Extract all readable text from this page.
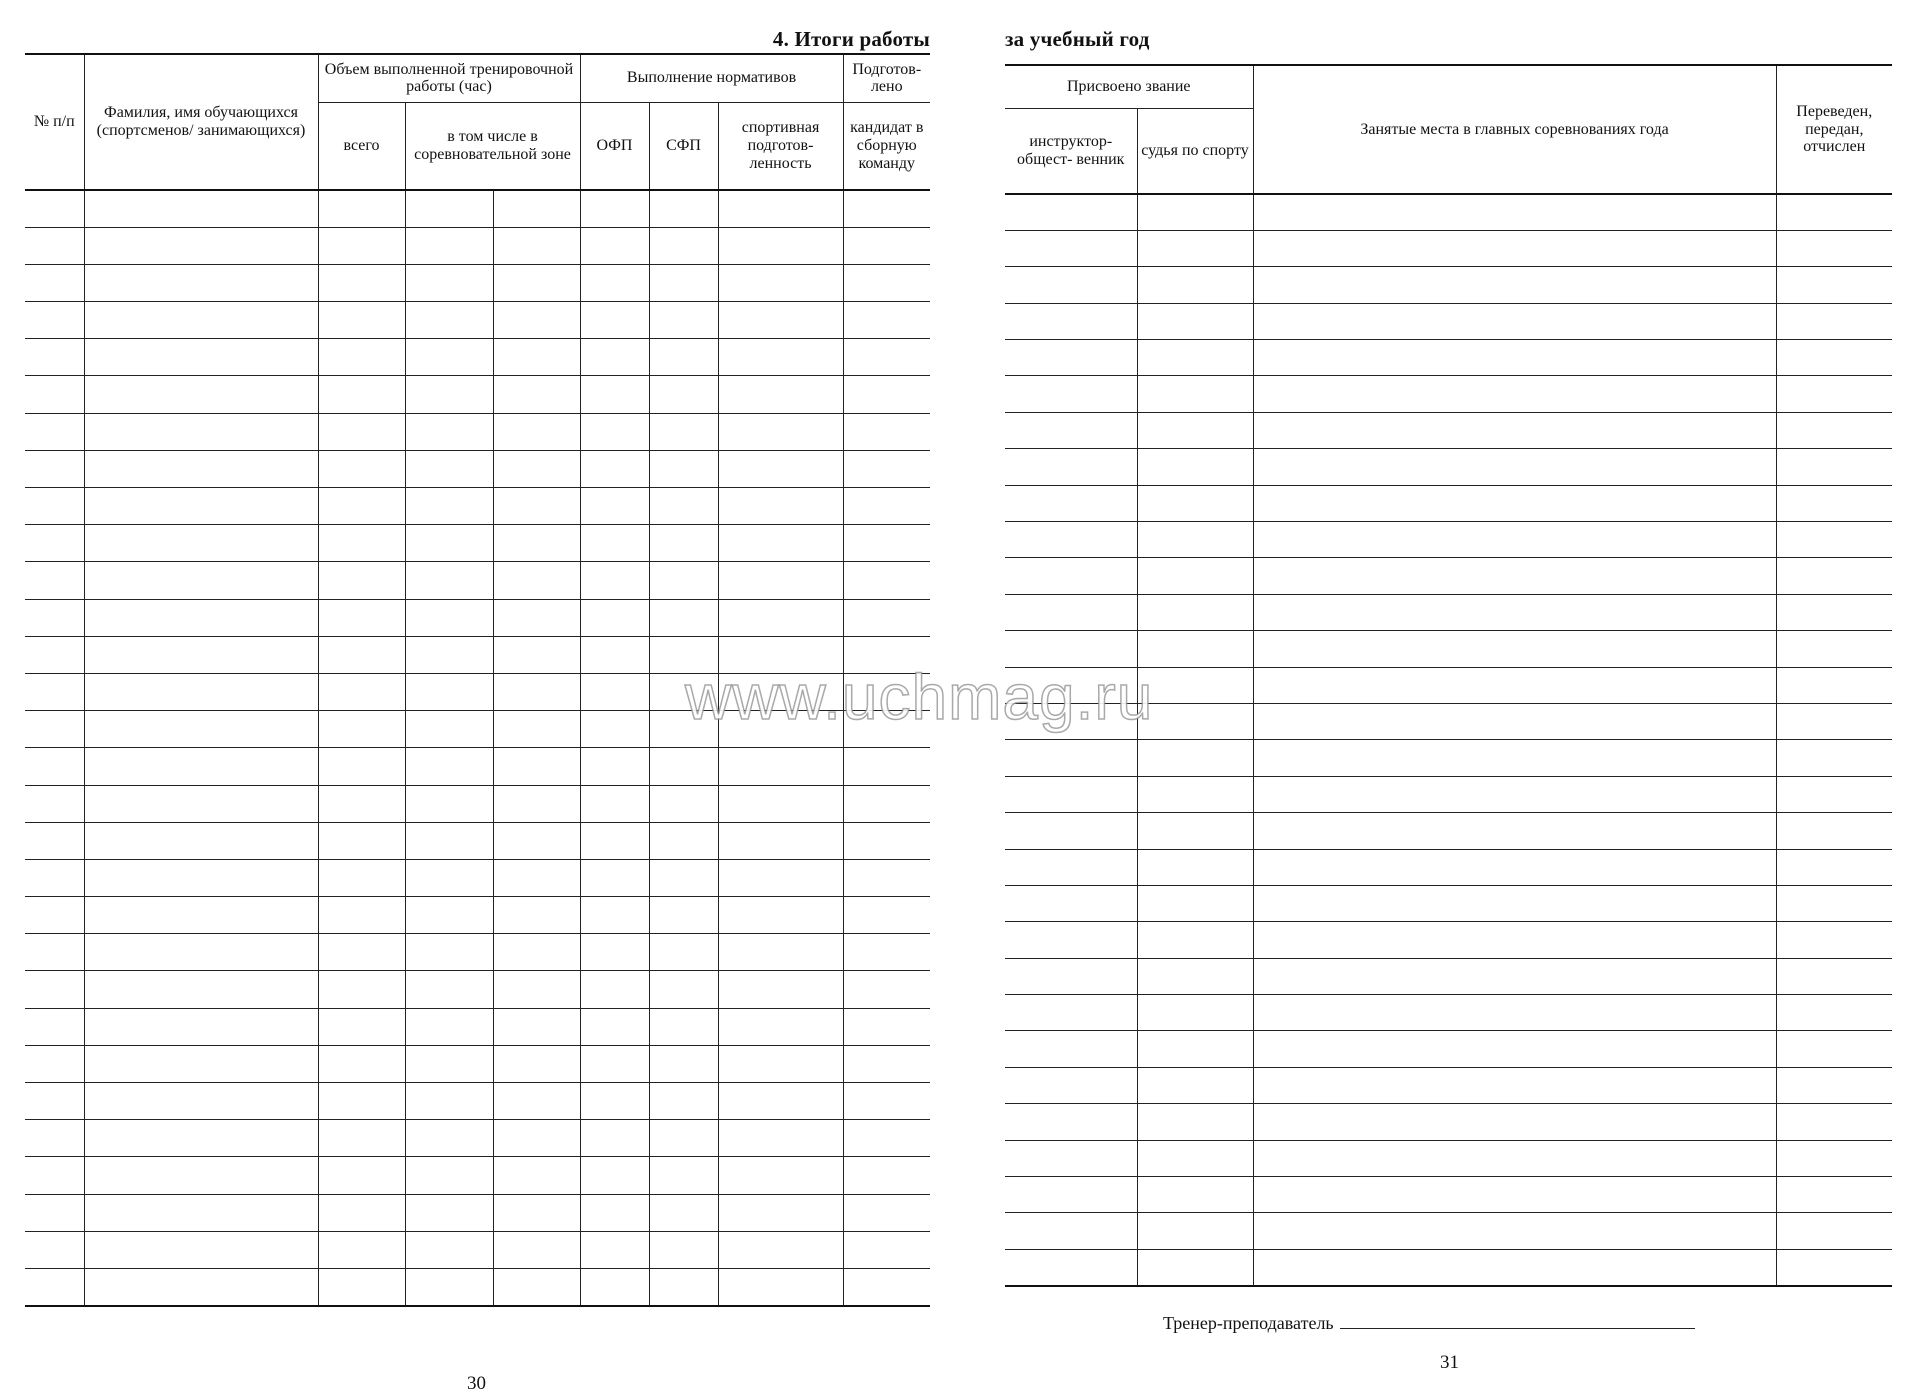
4. Итоги работы
№ п/п	Фамилия, имя обучающихся (спортсменов/ занимающихся)	Объем выполненной тренировочной работы (час)			Выполнение нормативов			Подготов- лено
		всего	в том числе в соревновательной зоне		ОФП	СФП	спортивная подготов- ленность	кандидат в сборную команду

30
за учебный год
Присвоено звание		Занятые места в главных соревнованиях года	Переведен, передан, отчислен
инструктор- общест- венник	судья по спорту		

Тренер-преподаватель
31
www.uchmag.ru
